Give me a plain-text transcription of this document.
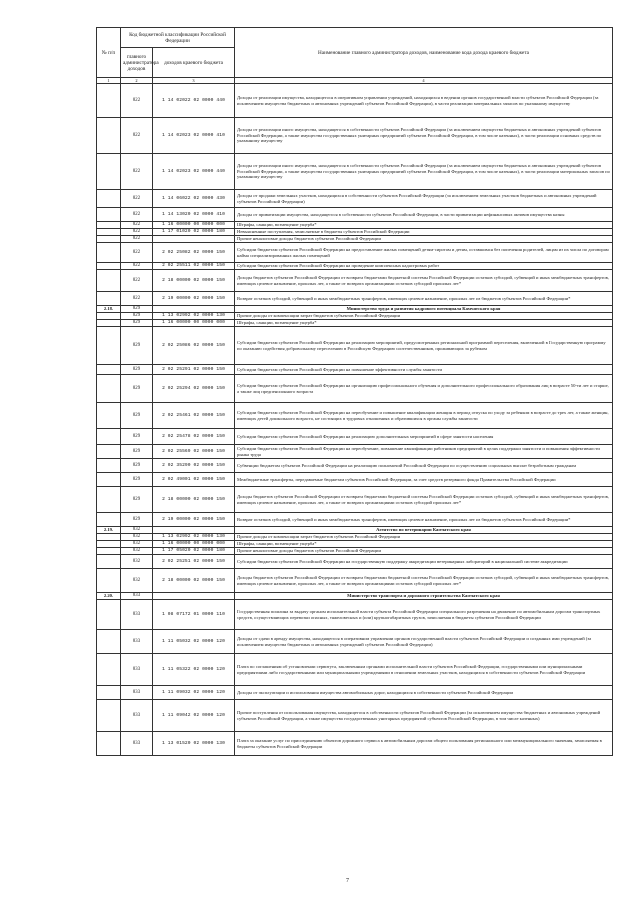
№ п/п	Код бюджетной классификации Российской Федерации		Наименование главного администратора доходов, наименование кода дохода краевого бюджета
	главного администратора доходов	доходов краевого бюджета	
1	2	3	4
	822	1 14 02022 02 0000 440	Доходы от реализации имущества, находящегося в оперативном управлении учреждений, находящихся в ведении органов государственной власти субъектов Российской Федерации (за исключением имущества бюджетных и автономных учреждений субъектов Российской Федерации), в части реализации материальных запасов по указанному имуществу
	822	1 14 02023 02 0000 410	Доходы от реализации иного имущества, находящегося в собственности субъектов Российской Федерации (за исключением имущества бюджетных и автономных учреждений субъектов Российской Федерации, а также имущества государственных унитарных предприятий субъектов Российской Федерации, в том числе казенных), в части реализации основных средств по указанному имуществу
	822	1 14 02023 02 0000 440	Доходы от реализации иного имущества, находящегося в собственности субъектов Российской Федерации (за исключением имущества бюджетных и автономных учреждений субъектов Российской Федерации, а также имущества государственных унитарных предприятий субъектов Российской Федерации, в том числе казенных), в части реализации материальных запасов по указанному имуществу
	822	1 14 06022 02 0000 430	Доходы от продажи земельных участков, находящихся в собственности субъектов Российской Федерации (за исключением земельных участков бюджетных и автономных учреждений субъектов Российской Федерации)
	822	1 14 13020 02 0000 410	Доходы от приватизации имущества, находящегося в собственности субъектов Российской Федерации, в части приватизации нефинансовых активов имущества казны
	822	1 16 00000 00 0000 000	Штрафы, санкции, возмещение ущерба*
	822	1 17 01020 02 0000 180	Невыясненные поступления, зачисляемые в бюджеты субъектов Российской Федерации
	822		Прочие неналоговые доходы бюджетов субъектов Российской Федерации
	822	2 02 25082 02 0000 150	Субсидии бюджетам субъектов Российской Федерации на предоставление жилых помещений детям-сиротам и детям, оставшимся без попечения родителей, лицам из их числа по договорам найма специализированных жилых помещений
	822	2 02 25511 02 0000 150	Субсидии бюджетам субъектов Российской Федерации на проведение комплексных кадастровых работ
	822	2 18 00000 02 0000 150	Доходы бюджетов субъектов Российской Федерации от возврата бюджетами бюджетной системы Российской Федерации остатков субсидий, субвенций и иных межбюджетных трансфертов, имеющих целевое назначение, прошлых лет, а также от возврата организациями остатков субсидий прошлых лет*
	822	2 19 00000 02 0000 150	Возврат остатков субсидий, субвенций и иных межбюджетных трансфертов, имеющих целевое назначение, прошлых лет из бюджетов субъектов Российской Федерации*
2.18.	829		Министерство труда и развития кадрового потенциала Камчатского края
	829	1 13 02992 02 0000 130	Прочие доходы от компенсации затрат бюджетов субъектов Российской Федерации
	829	1 16 00000 00 0000 000	Штрафы, санкции, возмещение ущерба*
	829	2 02 25086 02 0000 150	Субсидии бюджетам субъектов Российской Федерации на реализацию мероприятий, предусмотренных региональной программой переселения, включенной в Государственную программу по оказанию содействия добровольному переселению в Российскую Федерацию соотечественников, проживающих за рубежом
	829	2 02 25291 02 0000 150	Субсидии бюджетам субъектов Российской Федерации на повышение эффективности службы занятости
	829	2 02 25294 02 0000 150	Субсидии бюджетам субъектов Российской Федерации на организацию профессионального обучения и дополнительного профессионального образования лиц в возрасте 50-ти лет и старше, а также лиц предпенсионного возраста
	829	2 02 25461 02 0000 150	Субсидии бюджетам субъектов Российской Федерации на переобучение и повышение квалификации женщин в период отпуска по уходу за ребенком в возрасте до трех лет, а также женщин, имеющих детей дошкольного возраста, не состоящих в трудовых отношениях и обратившихся в органы службы занятости
	829	2 02 25478 02 0000 150	Субсидии бюджетам субъектов Российской Федерации на реализацию дополнительных мероприятий в сфере занятости населения
	829	2 02 25569 02 0000 150	Субсидии бюджетам субъектов Российской Федерации на переобучение, повышение квалификации работников предприятий в целях поддержки занятости и повышения эффективности рынка труда
	829	2 02 35290 02 0000 150	Субвенции бюджетам субъектов Российской Федерации на реализацию полномочий Российской Федерации по осуществлению социальных выплат безработным гражданам
	829	2 02 49001 02 0000 150	Межбюджетные трансферты, передаваемые бюджетам субъектов Российской Федерации, за счет средств резервного фонда Правительства Российской Федерации
	829	2 18 00000 02 0000 150	Доходы бюджетов субъектов Российской Федерации от возврата бюджетами бюджетной системы Российской Федерации остатков субсидий, субвенций и иных межбюджетных трансфертов, имеющих целевое назначение, прошлых лет, а также от возврата организациями остатков субсидий прошлых лет*
	829	2 19 00000 02 0000 150	Возврат остатков субсидий, субвенций и иных межбюджетных трансфертов, имеющих целевое назначение, прошлых лет из бюджетов субъектов Российской Федерации*
2.19.	832		Агентство по ветеринарии Камчатского края
	832	1 13 02992 02 0000 130	Прочие доходы от компенсации затрат бюджетов субъектов Российской Федерации
	832	1 16 00000 00 0000 000	Штрафы, санкции, возмещение ущерба*
	832	1 17 05020 02 0000 180	Прочие неналоговые доходы бюджетов субъектов Российской Федерации
	832	2 02 25251 02 0000 150	Субсидии бюджетам субъектов Российской Федерации на государственную поддержку аккредитации ветеринарных лабораторий в национальной системе аккредитации
	832	2 18 00000 02 0000 150	Доходы бюджетов субъектов Российской Федерации от возврата бюджетами бюджетной системы Российской Федерации остатков субсидий, субвенций и иных межбюджетных трансфертов, имеющих целевое назначение, прошлых лет, а также от возврата организациями остатков субсидий прошлых лет*
2.20.	833		Министерство транспорта и дорожного строительства Камчатского края
	833	1 08 07172 01 0000 110	Государственная пошлина за выдачу органом исполнительной власти субъекта Российской Федерации специального разрешения на движение по автомобильным дорогам транспортных средств, осуществляющих перевозки опасных, тяжеловесных и (или) крупногабаритных грузов, зачисляемая в бюджеты субъектов Российской Федерации
	833	1 11 05032 02 0000 120	Доходы от сдачи в аренду имущества, находящегося в оперативном управлении органов государственной власти субъектов Российской Федерации и созданных ими учреждений (за исключением имущества бюджетных и автономных учреждений субъектов Российской Федерации)
	833	1 11 05322 02 0000 120	Плата по соглашениям об установлении сервитута, заключенным органами исполнительной власти субъектов Российской Федерации, государственными или муниципальными предприятиями либо государственными или муниципальными учреждениями в отношении земельных участков, находящихся в собственности субъектов Российской Федерации
	833	1 11 09032 02 0000 120	Доходы от эксплуатации и использования имущества автомобильных дорог, находящихся в собственности субъектов Российской Федерации
	833	1 11 09042 02 0000 120	Прочие поступления от использования имущества, находящегося в собственности субъектов Российской Федерации (за исключением имущества бюджетных и автономных учреждений субъектов Российской Федерации, а также имущества государственных унитарных предприятий субъектов Российской Федерации, в том числе казенных)
	833	1 13 01520 02 0000 130	Плата за оказание услуг по присоединению объектов дорожного сервиса к автомобильным дорогам общего пользования регионального или межмуниципального значения, зачисляемая в бюджеты субъектов Российской Федерации
7
